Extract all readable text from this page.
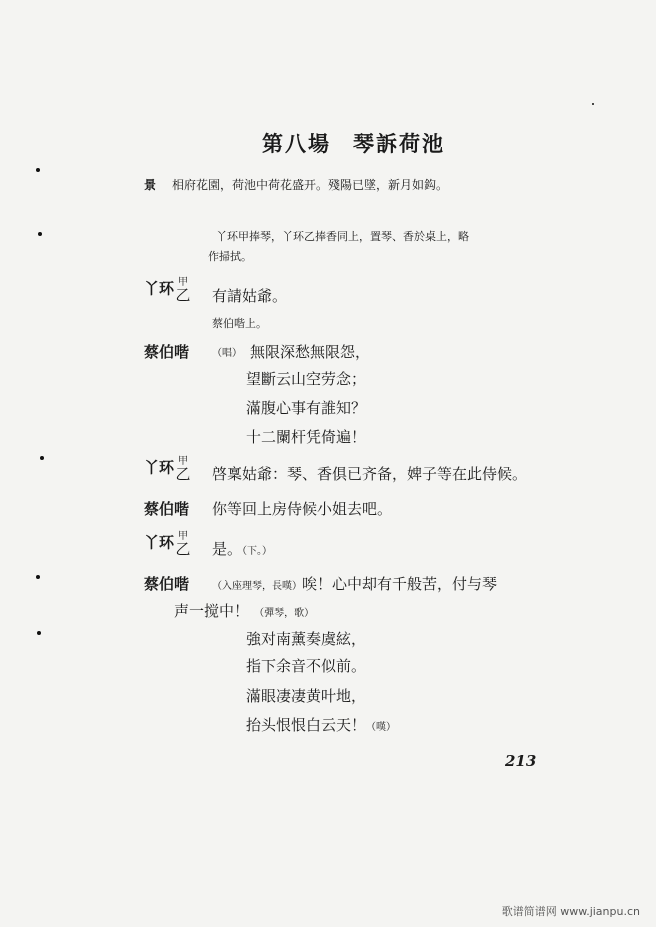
第八場 琴訴荷池
景 相府花園，荷池中荷花盛开。殘陽已墜，新月如鈎。
丫环甲捧琴，丫环乙捧香同上，置琴、香於桌上，略
作掃拭。
丫环 甲
乙 有請姑爺。
蔡伯喈上。
蔡伯喈 （唱） 無限深愁無限怨，
望斷云山空劳念；
滿腹心事有誰知？
十二闌杆凭倚遍！
丫环 甲
乙 啓稟姑爺：琴、香俱已齐备，婢子等在此侍候。
蔡伯喈 你等回上房侍候小姐去吧。
丫环 甲
乙 是。（下。）
蔡伯喈 （入座理琴，長嘆）唉！心中却有千般苦，付与琴
声一搅中！ （彈琴，歌）
強对南薰奏虞絃，
指下余音不似前。
滿眼凄凄黄叶地，
抬头恨恨白云天！（嘆）
213
歌谱简谱网 www.jianpu.cn
